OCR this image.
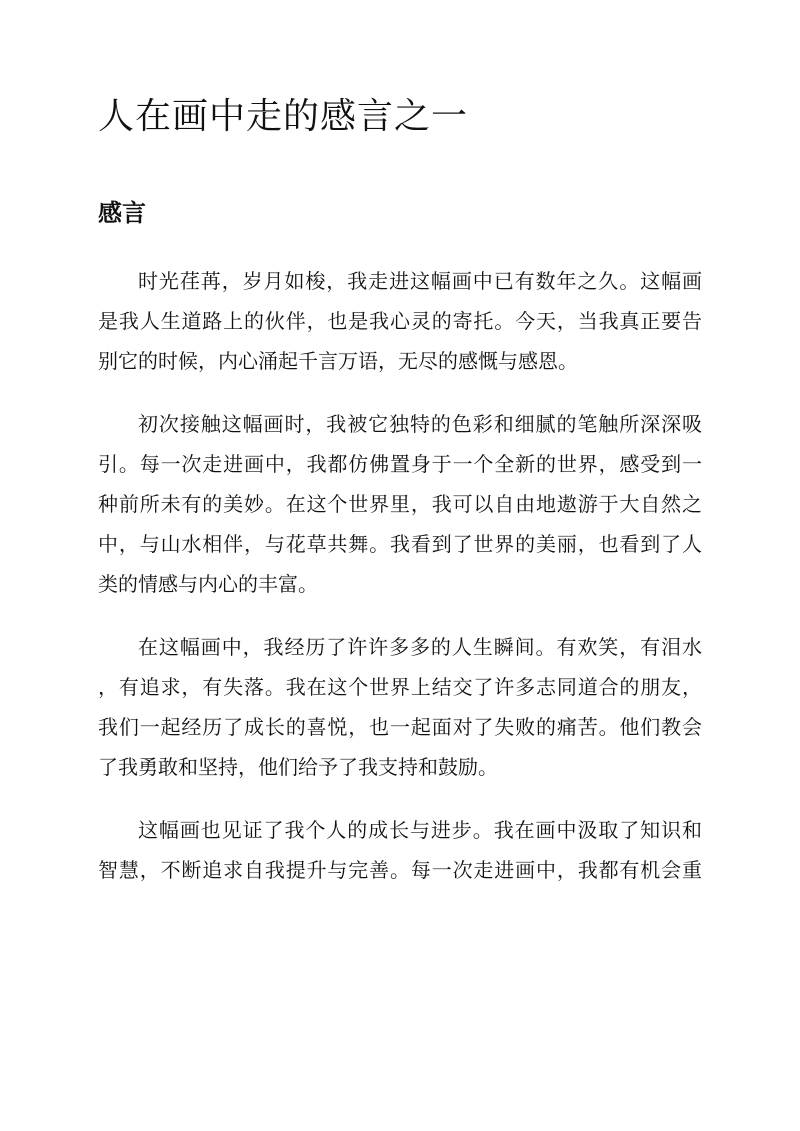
人在画中走的感言之一
感言

时光荏苒，岁月如梭，我走进这幅画中已有数年之久。这幅画
是我人生道路上的伙伴，也是我心灵的寄托。今天，当我真正要告
别它的时候，内心涌起千言万语，无尽的感慨与感恩。

初次接触这幅画时，我被它独特的色彩和细腻的笔触所深深吸
引。每一次走进画中，我都仿佛置身于一个全新的世界，感受到一
种前所未有的美妙。在这个世界里，我可以自由地遨游于大自然之
中，与山水相伴，与花草共舞。我看到了世界的美丽，也看到了人
类的情感与内心的丰富。

在这幅画中，我经历了许许多多的人生瞬间。有欢笑，有泪水
，有追求，有失落。我在这个世界上结交了许多志同道合的朋友，
我们一起经历了成长的喜悦，也一起面对了失败的痛苦。他们教会
了我勇敢和坚持，他们给予了我支持和鼓励。

这幅画也见证了我个人的成长与进步。我在画中汲取了知识和
智慧，不断追求自我提升与完善。每一次走进画中，我都有机会重
